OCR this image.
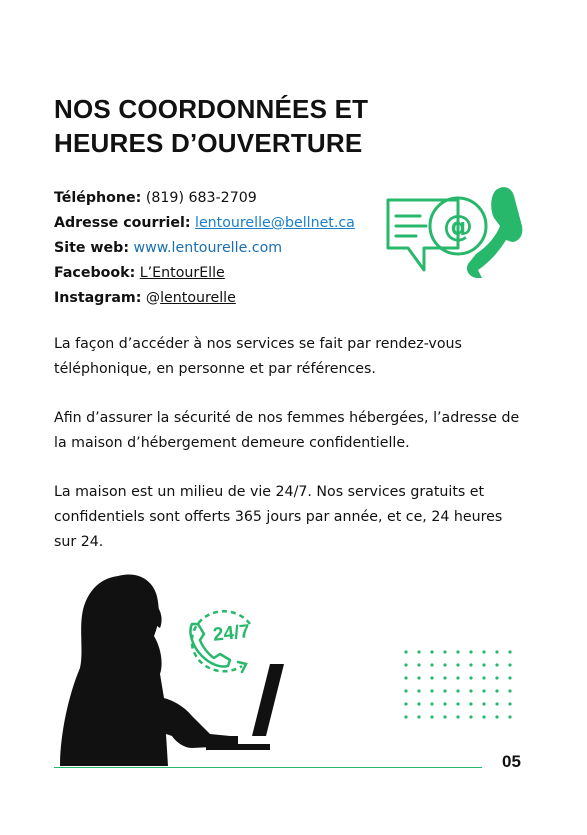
NOS COORDONNÉES ET
HEURES D’OUVERTURE
Téléphone: (819) 683-2709
Adresse courriel: lentourelle@bellnet.ca
Site web: www.lentourelle.com
Facebook: L’EntourElle
Instagram: @lentourelle
@

La façon d’accéder à nos services se fait par rendez-vous téléphonique, en personne et par références.

Afin d’assurer la sécurité de nos femmes hébergées, l’adresse de la maison d’hébergement demeure confidentielle.

La maison est un milieu de vie 24/7. Nos services gratuits et confidentiels sont offerts 365 jours par année, et ce, 24 heures sur 24.

24/7
05
